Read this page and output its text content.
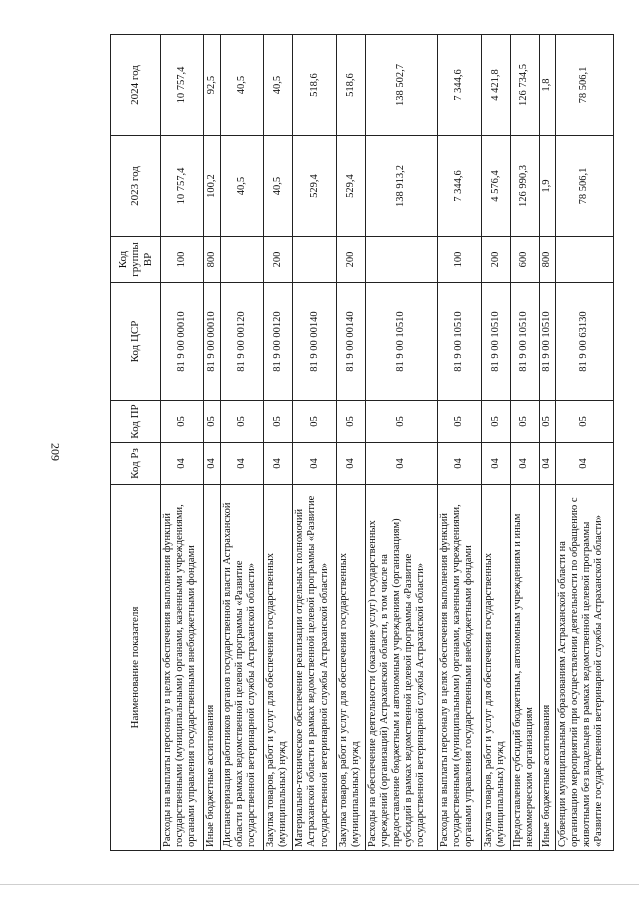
209
Наименование показателя	Код Рз	Код ПР	Код ЦСР	Код группы ВР	2023 год	2024 год
Расходы на выплаты персоналу в целях обеспечения выполнения функций государственными (муниципальными) органами, казенными учреждениями, органами управления государственными внебюджетными фондами	04	05	81 9 00 00010	100	10 757,4	10 757,4
Иные бюджетные ассигнования	04	05	81 9 00 00010	800	100,2	92,5
Диспансеризация работников органов государственной власти Астраханской области в рамках ведомственной целевой программы «Развитие государственной ветеринарной службы Астраханской области»	04	05	81 9 00 00120		40,5	40,5
Закупка товаров, работ и услуг для обеспечения государственных (муниципальных) нужд	04	05	81 9 00 00120	200	40,5	40,5
Материально-техническое обеспечение реализации отдельных полномочий Астраханской области в рамках ведомственной целевой программы «Развитие государственной ветеринарной службы Астраханской области»	04	05	81 9 00 00140		529,4	518,6
Закупка товаров, работ и услуг для обеспечения государственных (муниципальных) нужд	04	05	81 9 00 00140	200	529,4	518,6
Расходы на обеспечение деятельности (оказание услуг) государственных учреждений (организаций) Астраханской области, в том числе на предоставление бюджетным и автономным учреждениям (организациям) субсидий в рамках ведомственной целевой программы «Развитие государственной ветеринарной службы Астраханской области»	04	05	81 9 00 10510		138 913,2	138 502,7
Расходы на выплаты персоналу в целях обеспечения выполнения функций государственными (муниципальными) органами, казенными учреждениями, органами управления государственными внебюджетными фондами	04	05	81 9 00 10510	100	7 344,6	7 344,6
Закупка товаров, работ и услуг для обеспечения государственных (муниципальных) нужд	04	05	81 9 00 10510	200	4 576,4	4 421,8
Предоставление субсидий бюджетным, автономным учреждениям и иным некоммерческим организациям	04	05	81 9 00 10510	600	126 990,3	126 734,5
Иные бюджетные ассигнования	04	05	81 9 00 10510	800	1,9	1,8
Субвенции муниципальным образованиям Астраханской области на организацию мероприятий при осуществлении деятельности по обращению с животными без владельцев в рамках ведомственной целевой программы «Развитие государственной ветеринарной службы Астраханской области»	04	05	81 9 00 63130		78 506,1	78 506,1
